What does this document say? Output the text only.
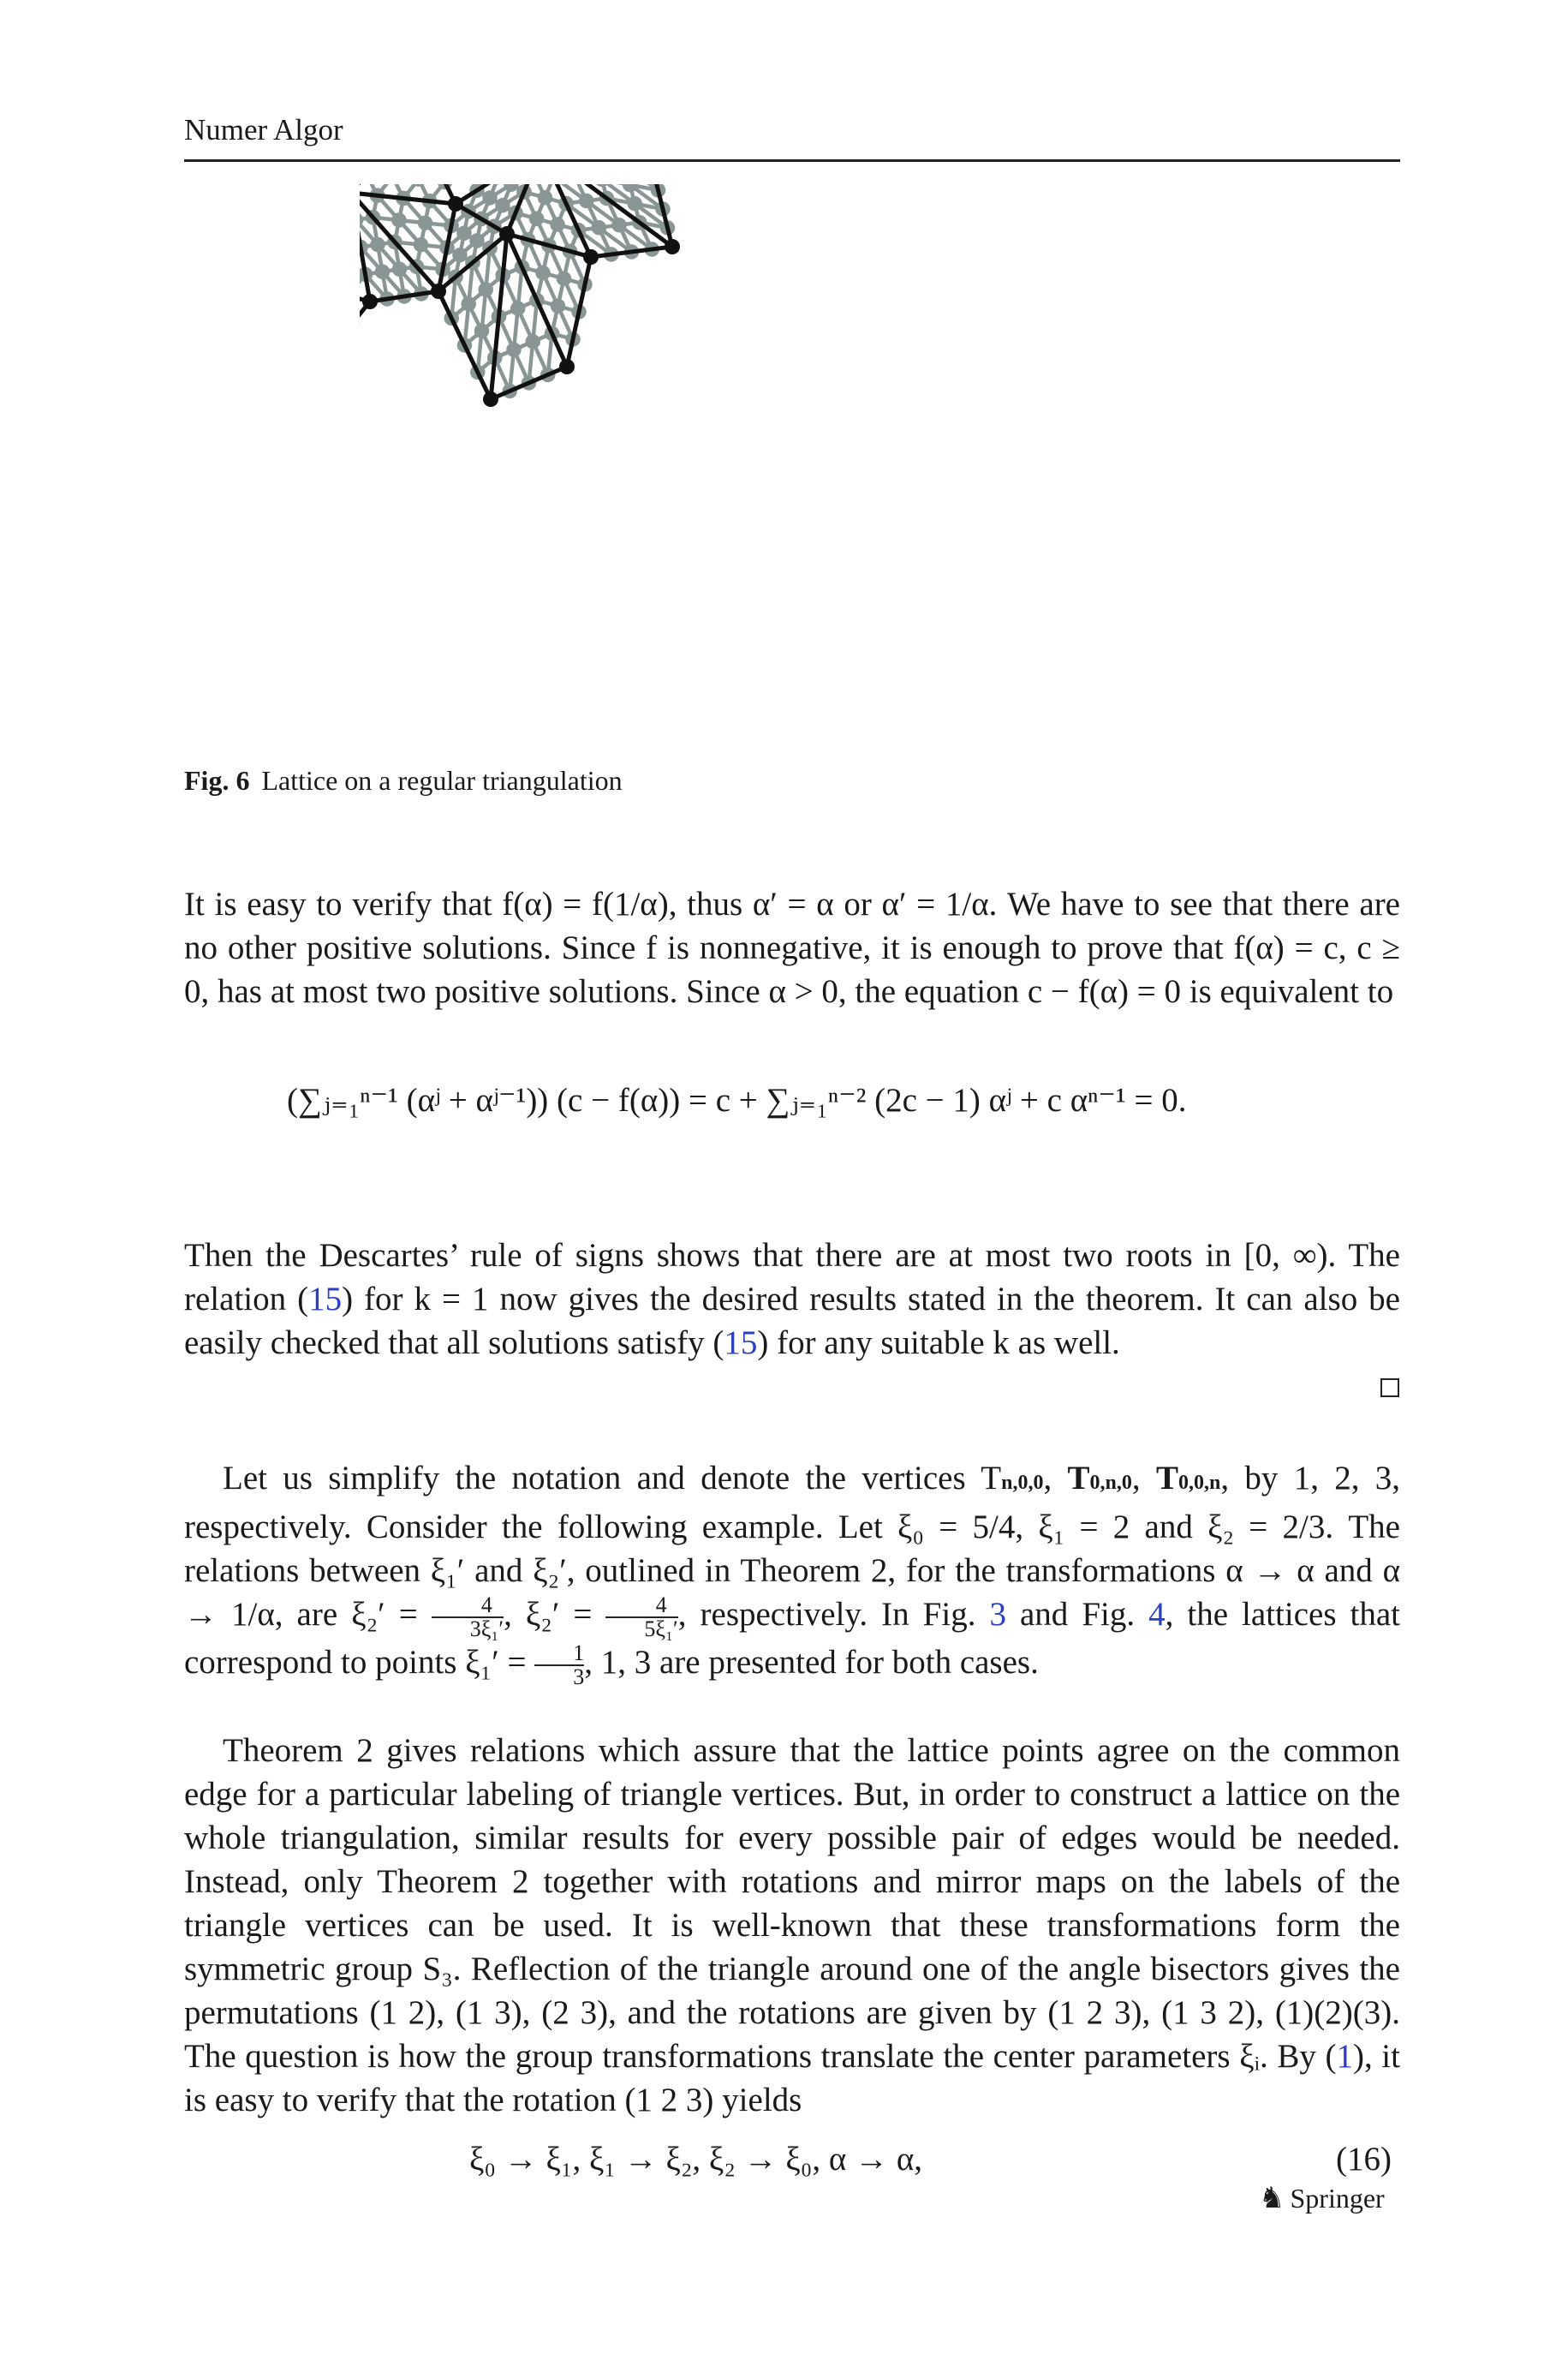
Numer Algor
Fig. 6 Lattice on a regular triangulation
It is easy to verify that f(α) = f(1/α), thus α′ = α or α′ = 1/α. We have to see that there are no other positive solutions. Since f is nonnegative, it is enough to prove that f(α) = c, c ≥ 0, has at most two positive solutions. Since α > 0, the equation c − f(α) = 0 is equivalent to
(∑ⱼ₌₁ⁿ⁻¹ (αʲ + αʲ⁻¹)) (c − f(α)) = c + ∑ⱼ₌₁ⁿ⁻² (2c − 1) αʲ + c αⁿ⁻¹ = 0.
Then the Descartes’ rule of signs shows that there are at most two roots in [0, ∞). The relation (15) for k = 1 now gives the desired results stated in the theorem. It can also be easily checked that all solutions satisfy (15) for any suitable k as well.
Let us simplify the notation and denote the vertices Tn,0,0, T0,n,0, T0,0,n, by 1, 2, 3, respectively. Consider the following example. Let ξ₀ = 5/4, ξ₁ = 2 and ξ₂ = 2/3. The relations between ξ₁′ and ξ₂′, outlined in Theorem 2, for the transformations α → α and α → 1/α, are $\xi_2' = \frac{4}{\text{3ξ₁′}}$ , $\xi_2' = \frac{4}{\text{5ξ₁′}}$ , respectively. In Fig. 3 and Fig. 4, the lattices that correspond to points $\xi_1' = \frac{1}{3}$ , 1, 3 are presented for both cases.
Theorem 2 gives relations which assure that the lattice points agree on the common edge for a particular labeling of triangle vertices. But, in order to construct a lattice on the whole triangulation, similar results for every possible pair of edges would be needed. Instead, only Theorem 2 together with rotations and mirror maps on the labels of the triangle vertices can be used. It is well-known that these transformations form the symmetric group S₃. Reflection of the triangle around one of the angle bisectors gives the permutations (1 2), (1 3), (2 3), and the rotations are given by (1 2 3), (1 3 2), (1)(2)(3). The question is how the group transformations translate the center parameters ξᵢ. By (1), it is easy to verify that the rotation (1 2 3) yields
ξ₀ → ξ₁, ξ₁ → ξ₂, ξ₂ → ξ₀, α → α,	(16)
♞ Springer
